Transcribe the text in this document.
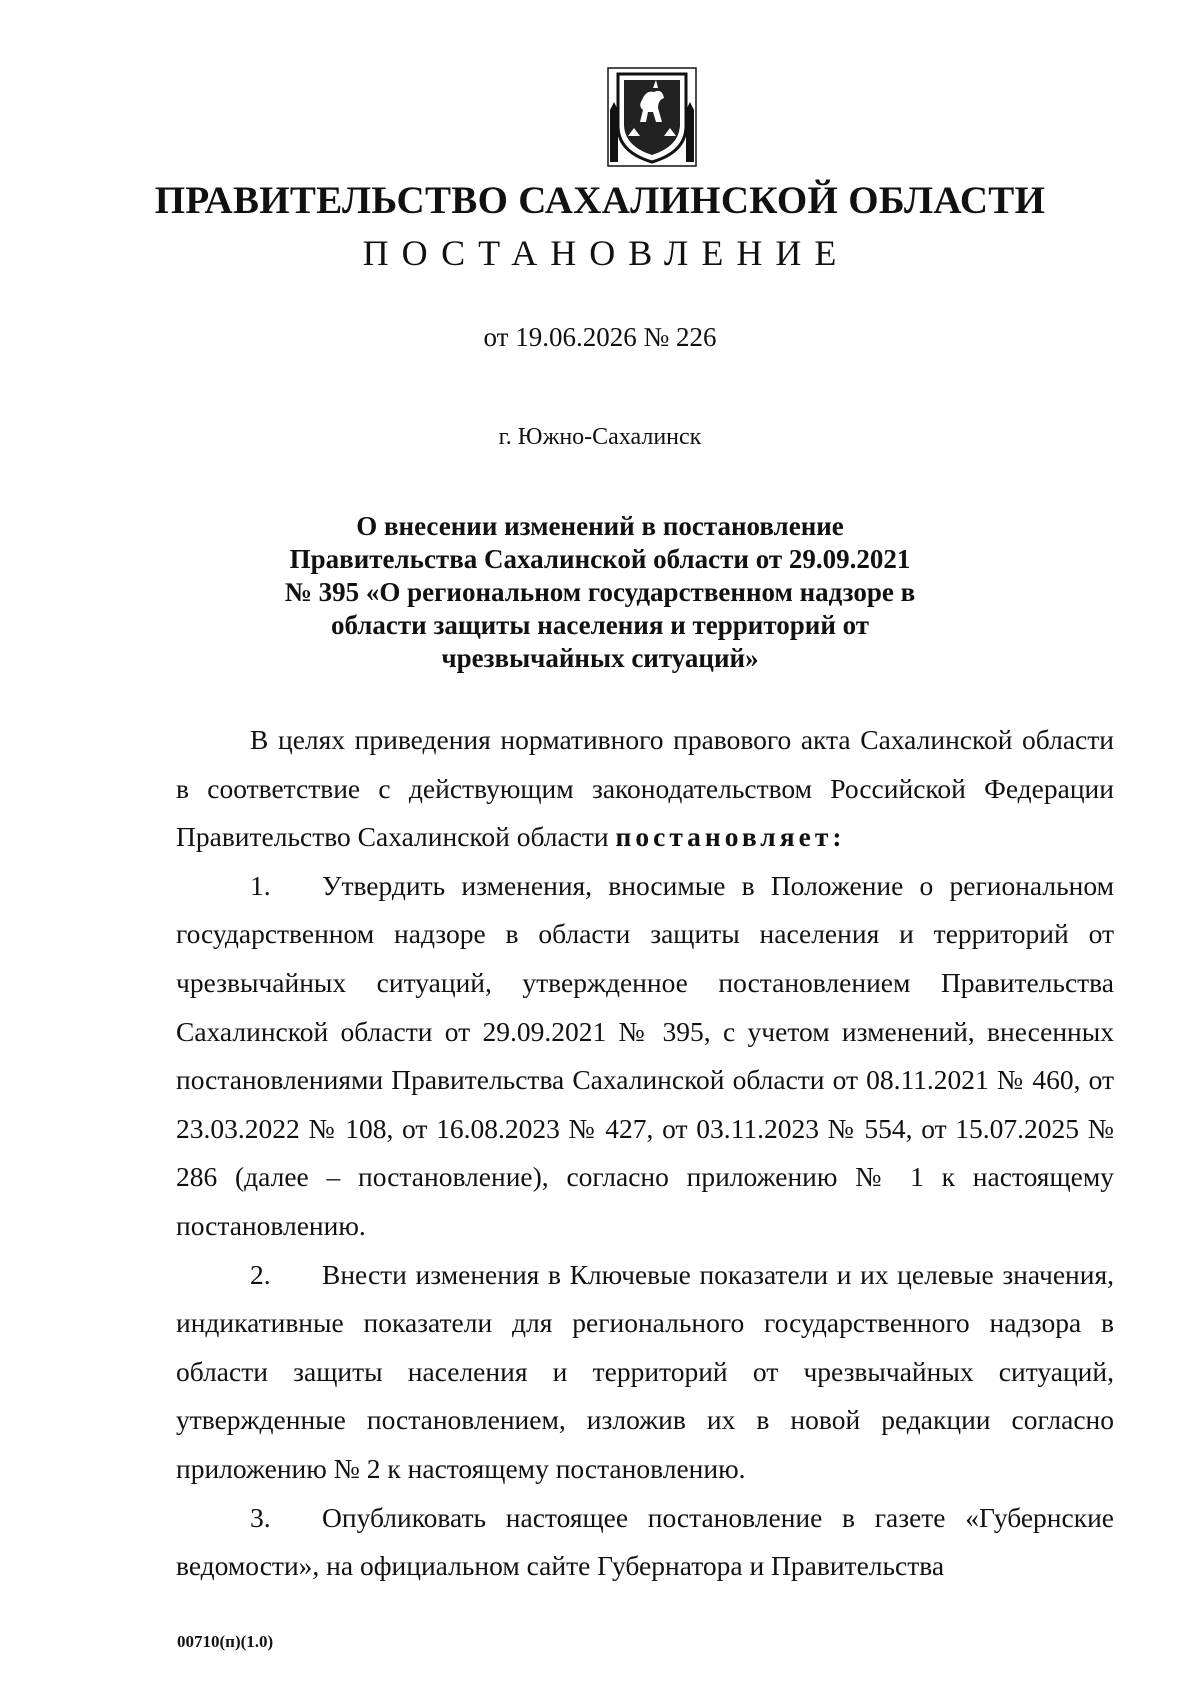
ПРАВИТЕЛЬСТВО САХАЛИНСКОЙ ОБЛАСТИ
ПОСТАНОВЛЕНИЕ
от 19.06.2026 № 226
г. Южно-Сахалинск
О внесении изменений в постановление
Правительства Сахалинской области от 29.09.2021
№ 395 «О региональном государственном надзоре в
области защиты населения и территорий от
чрезвычайных ситуаций»

В целях приведения нормативного правового акта Сахалинской области в соответствие с действующим законодательством Российской Федерации Правительство Сахалинской области постановляет:

1. Утвердить изменения, вносимые в Положение о региональном государственном надзоре в области защиты населения и территорий от чрезвычайных ситуаций, утвержденное постановлением Правительства Сахалинской области от 29.09.2021 № 395, с учетом изменений, внесенных постановлениями Правительства Сахалинской области от 08.11.2021 № 460, от 23.03.2022 № 108, от 16.08.2023 № 427, от 03.11.2023 № 554, от 15.07.2025 № 286 (далее – постановление), согласно приложению № 1 к настоящему постановлению.

2. Внести изменения в Ключевые показатели и их целевые значения, индикативные показатели для регионального государственного надзора в области защиты населения и территорий от чрезвычайных ситуаций, утвержденные постановлением, изложив их в новой редакции согласно приложению № 2 к настоящему постановлению.

3. Опубликовать настоящее постановление в газете «Губернские ведомости», на официальном сайте Губернатора и Правительства

00710(п)(1.0)
